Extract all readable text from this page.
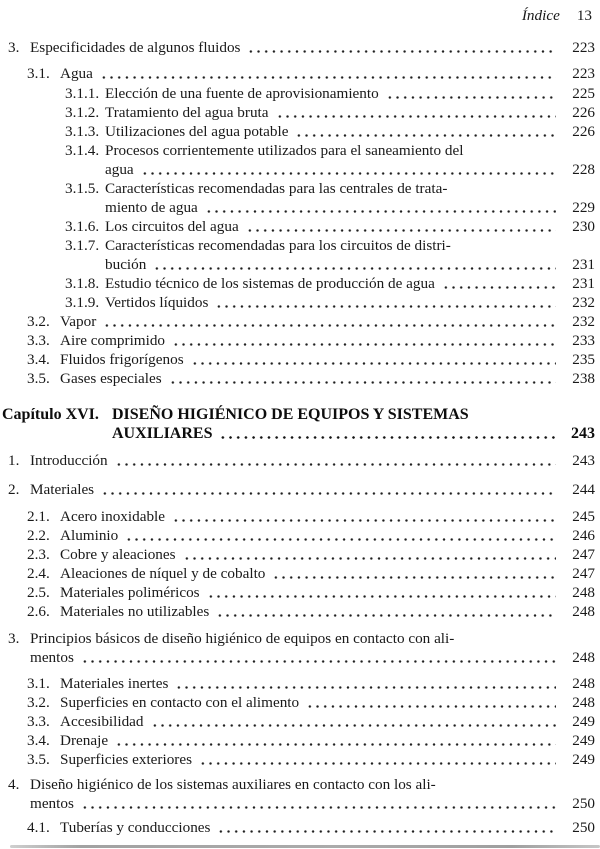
Índice 13
3. Especificidades de algunos fluidos	223
3.1. Agua	223
3.1.1. Elección de una fuente de aprovisionamiento	225
3.1.2. Tratamiento del agua bruta	226
3.1.3. Utilizaciones del agua potable	226
3.1.4. Procesos corrientemente utilizados para el saneamiento del
agua	228
3.1.5. Características recomendadas para las centrales de trata-
miento de agua	229
3.1.6. Los circuitos del agua	230
3.1.7. Características recomendadas para los circuitos de distri-
bución	231
3.1.8. Estudio técnico de los sistemas de producción de agua	231
3.1.9. Vertidos líquidos	232
3.2. Vapor	232
3.3. Aire comprimido	233
3.4. Fluidos frigorígenos	235
3.5. Gases especiales	238
Capítulo XVI. DISEÑO HIGIÉNICO DE EQUIPOS Y SISTEMAS
AUXILIARES	243
1. Introducción	243
2. Materiales	244
2.1. Acero inoxidable	245
2.2. Aluminio	246
2.3. Cobre y aleaciones	247
2.4. Aleaciones de níquel y de cobalto	247
2.5. Materiales poliméricos	248
2.6. Materiales no utilizables	248
3. Principios básicos de diseño higiénico de equipos en contacto con ali-
mentos	248
3.1. Materiales inertes	248
3.2. Superficies en contacto con el alimento	248
3.3. Accesibilidad	249
3.4. Drenaje	249
3.5. Superficies exteriores	249
4. Diseño higiénico de los sistemas auxiliares en contacto con los ali-
mentos	250
4.1. Tuberías y conducciones	250
